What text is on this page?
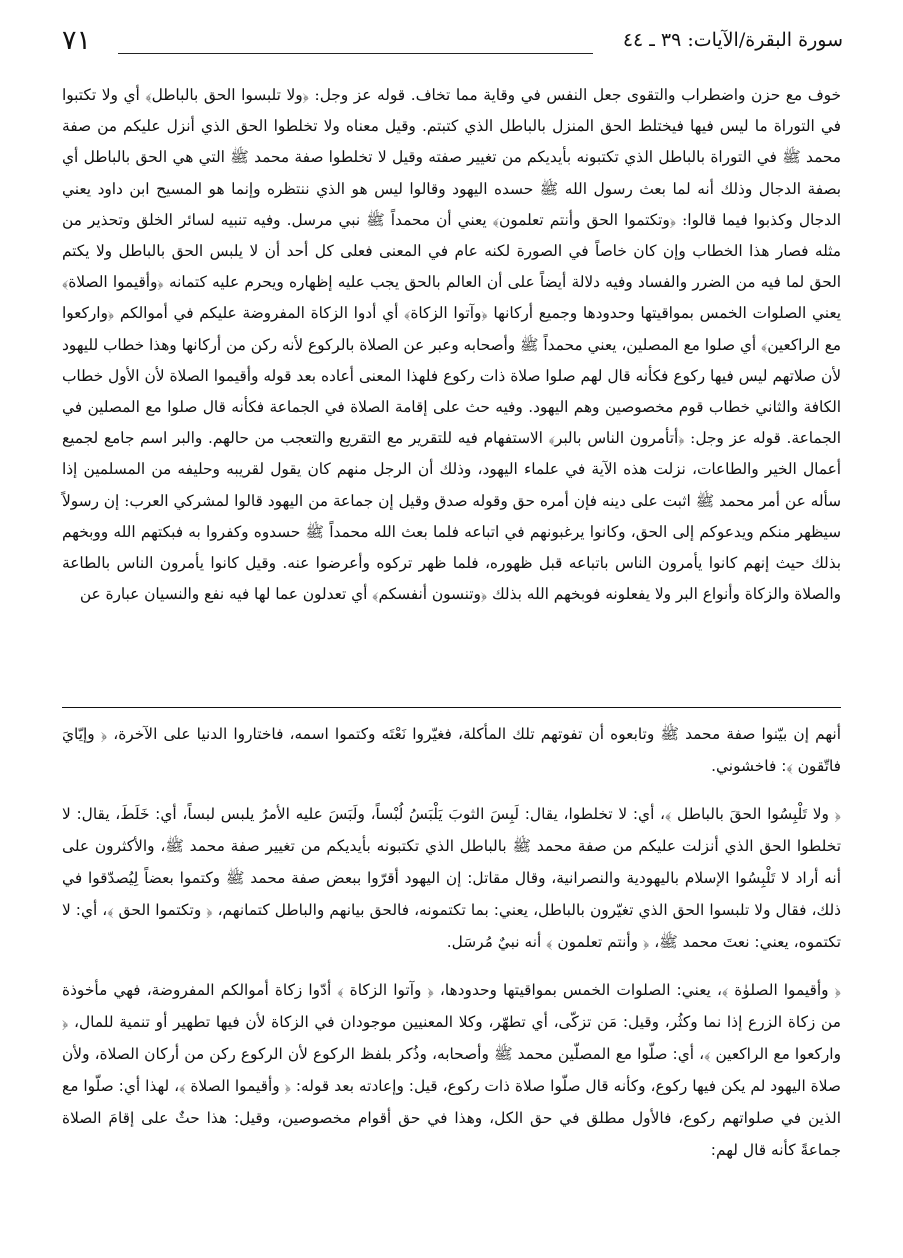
٧١	سورة البقرة/الآيات: ٣٩ ـ ٤٤
خوف مع حزن واضطراب والتقوى جعل النفس في وقاية مما تخاف. قوله عز وجل: ﴿ولا تلبسوا الحق بالباطل﴾ أي ولا تكتبوا في التوراة ما ليس فيها فيختلط الحق المنزل بالباطل الذي كتبتم. وقيل معناه ولا تخلطوا الحق الذي أنزل عليكم من صفة محمد ﷺ في التوراة بالباطل الذي تكتبونه بأيديكم من تغيير صفته وقيل لا تخلطوا صفة محمد ﷺ التي هي الحق بالباطل أي بصفة الدجال وذلك أنه لما بعث رسول الله ﷺ حسده اليهود وقالوا ليس هو الذي ننتظره وإنما هو المسيح ابن داود يعني الدجال وكذبوا فيما قالوا: ﴿وتكتموا الحق وأنتم تعلمون﴾ يعني أن محمداً ﷺ نبي مرسل. وفيه تنبيه لسائر الخلق وتحذير من مثله فصار هذا الخطاب وإن كان خاصاً في الصورة لكنه عام في المعنى فعلى كل أحد أن لا يلبس الحق بالباطل ولا يكتم الحق لما فيه من الضرر والفساد وفيه دلالة أيضاً على أن العالم بالحق يجب عليه إظهاره ويحرم عليه كتمانه ﴿وأقيموا الصلاة﴾ يعني الصلوات الخمس بمواقيتها وحدودها وجميع أركانها ﴿وآتوا الزكاة﴾ أي أدوا الزكاة المفروضة عليكم في أموالكم ﴿واركعوا مع الراكعين﴾ أي صلوا مع المصلين، يعني محمداً ﷺ وأصحابه وعبر عن الصلاة بالركوع لأنه ركن من أركانها وهذا خطاب لليهود لأن صلاتهم ليس فيها ركوع فكأنه قال لهم صلوا صلاة ذات ركوع فلهذا المعنى أعاده بعد قوله وأقيموا الصلاة لأن الأول خطاب الكافة والثاني خطاب قوم مخصوصين وهم اليهود. وفيه حث على إقامة الصلاة في الجماعة فكأنه قال صلوا مع المصلين في الجماعة. قوله عز وجل: ﴿أتأمرون الناس بالبر﴾ الاستفهام فيه للتقرير مع التقريع والتعجب من حالهم. والبر اسم جامع لجميع أعمال الخير والطاعات، نزلت هذه الآية في علماء اليهود، وذلك أن الرجل منهم كان يقول لقريبه وحليفه من المسلمين إذا سأله عن أمر محمد ﷺ اثبت على دينه فإن أمره حق وقوله صدق وقيل إن جماعة من اليهود قالوا لمشركي العرب: إن رسولاً سيظهر منكم ويدعوكم إلى الحق، وكانوا يرغبونهم في اتباعه فلما بعث الله محمداً ﷺ حسدوه وكفروا به فبكتهم الله ووبخهم بذلك حيث إنهم كانوا يأمرون الناس باتباعه قبل ظهوره، فلما ظهر تركوه وأعرضوا عنه. وقيل كانوا يأمرون الناس بالطاعة والصلاة والزكاة وأنواع البر ولا يفعلونه فوبخهم الله بذلك ﴿وتنسون أنفسكم﴾ أي تعدلون عما لها فيه نفع والنسيان عبارة عن

أنهم إن بيّنوا صفة محمد ﷺ وتابعوه أن تفوتهم تلك المأكلة، فغيّروا نَعْتَه وكتموا اسمه، فاختاروا الدنيا على الآخرة، ﴿ وإيّايَ فاتّقون ﴾: فاخشوني.

﴿ ولا تَلْبِسُوا الحقَ بالباطل ﴾، أي: لا تخلطوا، يقال: لَبِسَ الثوبَ يَلْبَسُ لُبْساً، ولَبَسَ عليه الأمرُ يلبس لبساً، أي: خَلَطَ، يقال: لا تخلطوا الحق الذي أنزلت عليكم من صفة محمد ﷺ بالباطل الذي تكتبونه بأيديكم من تغيير صفة محمد ﷺ، والأكثرون على أنه أراد لا تَلْبِسُوا الإسلام باليهودية والنصرانية، وقال مقاتل: إن اليهود أقرّوا ببعض صفة محمد ﷺ وكتموا بعضاً لِيُصدّقوا في ذلك، فقال ولا تلبسوا الحق الذي تغيّرون بالباطل، يعني: بما تكتمونه، فالحق بيانهم والباطل كتمانهم، ﴿ وتكتموا الحق ﴾، أي: لا تكتموه، يعني: نعتَ محمد ﷺ، ﴿ وأنتم تعلمون ﴾ أنه نبيٌ مُرسَل.

﴿ وأقيموا الصلوٰة ﴾، يعني: الصلوات الخمس بمواقيتها وحدودها، ﴿ وآتوا الزكاة ﴾ أدّوا زكاة أموالكم المفروضة، فهي مأخوذة من زكاة الزرع إذا نما وكثُر، وقيل: مَن تزكّى، أي تطهّر، وكلا المعنيين موجودان في الزكاة لأن فيها تطهير أو تنمية للمال، ﴿ واركعوا مع الراكعين ﴾، أي: صلّوا مع المصلّين محمد ﷺ وأصحابه، وذُكر بلفظ الركوع لأن الركوع ركن من أركان الصلاة، ولأن صلاة اليهود لم يكن فيها ركوع، وكأنه قال صلّوا صلاة ذات ركوع، قيل: وإعادته بعد قوله: ﴿ وأقيموا الصلاة ﴾، لهذا أي: صلّوا مع الذين في صلواتهم ركوع، فالأول مطلق في حق الكل، وهذا في حق أقوام مخصوصين، وقيل: هذا حثٌ على إقامَ الصلاة جماعةً كأنه قال لهم:
